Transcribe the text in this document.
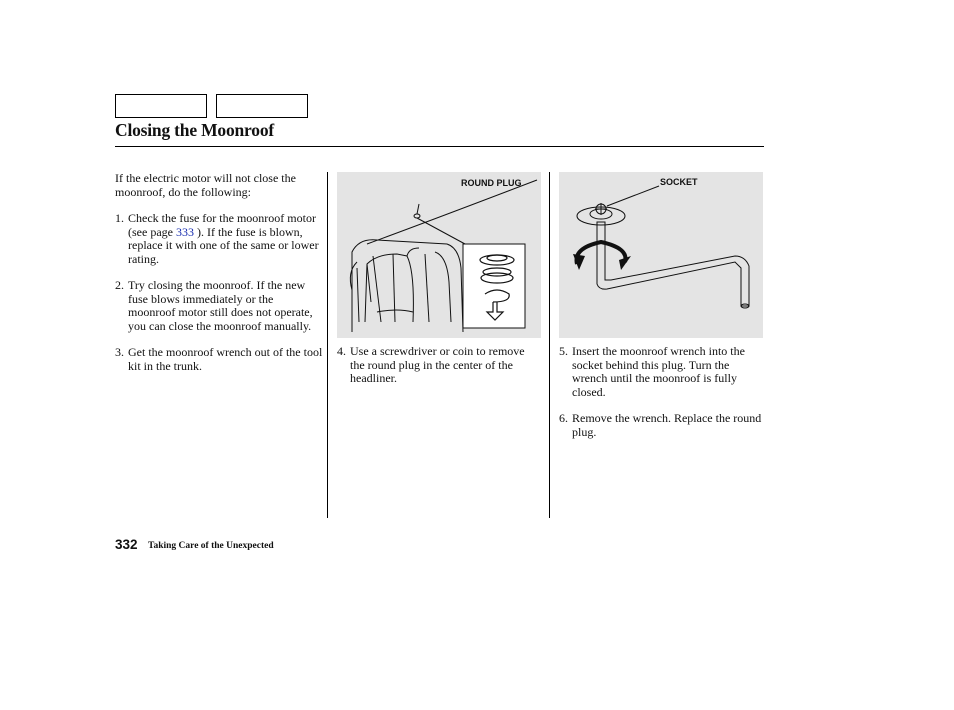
Closing the Moonroof

If the electric motor will not close the moonroof, do the following:

1. Check the fuse for the moonroof motor (see page 333 ). If the fuse is blown, replace it with one of the same or lower rating.
2. Try closing the moonroof. If the new fuse blows immediately or the moonroof motor still does not operate, you can close the moonroof manually.
3. Get the moonroof wrench out of the tool kit in the trunk.
ROUND PLUG	SOCKET
4. Use a screwdriver or coin to remove the round plug in the center of the headliner.
5. Insert the moonroof wrench into the socket behind this plug. Turn the wrench until the moonroof is fully closed.
6. Remove the wrench. Replace the round plug.
332 Taking Care of the Unexpected
